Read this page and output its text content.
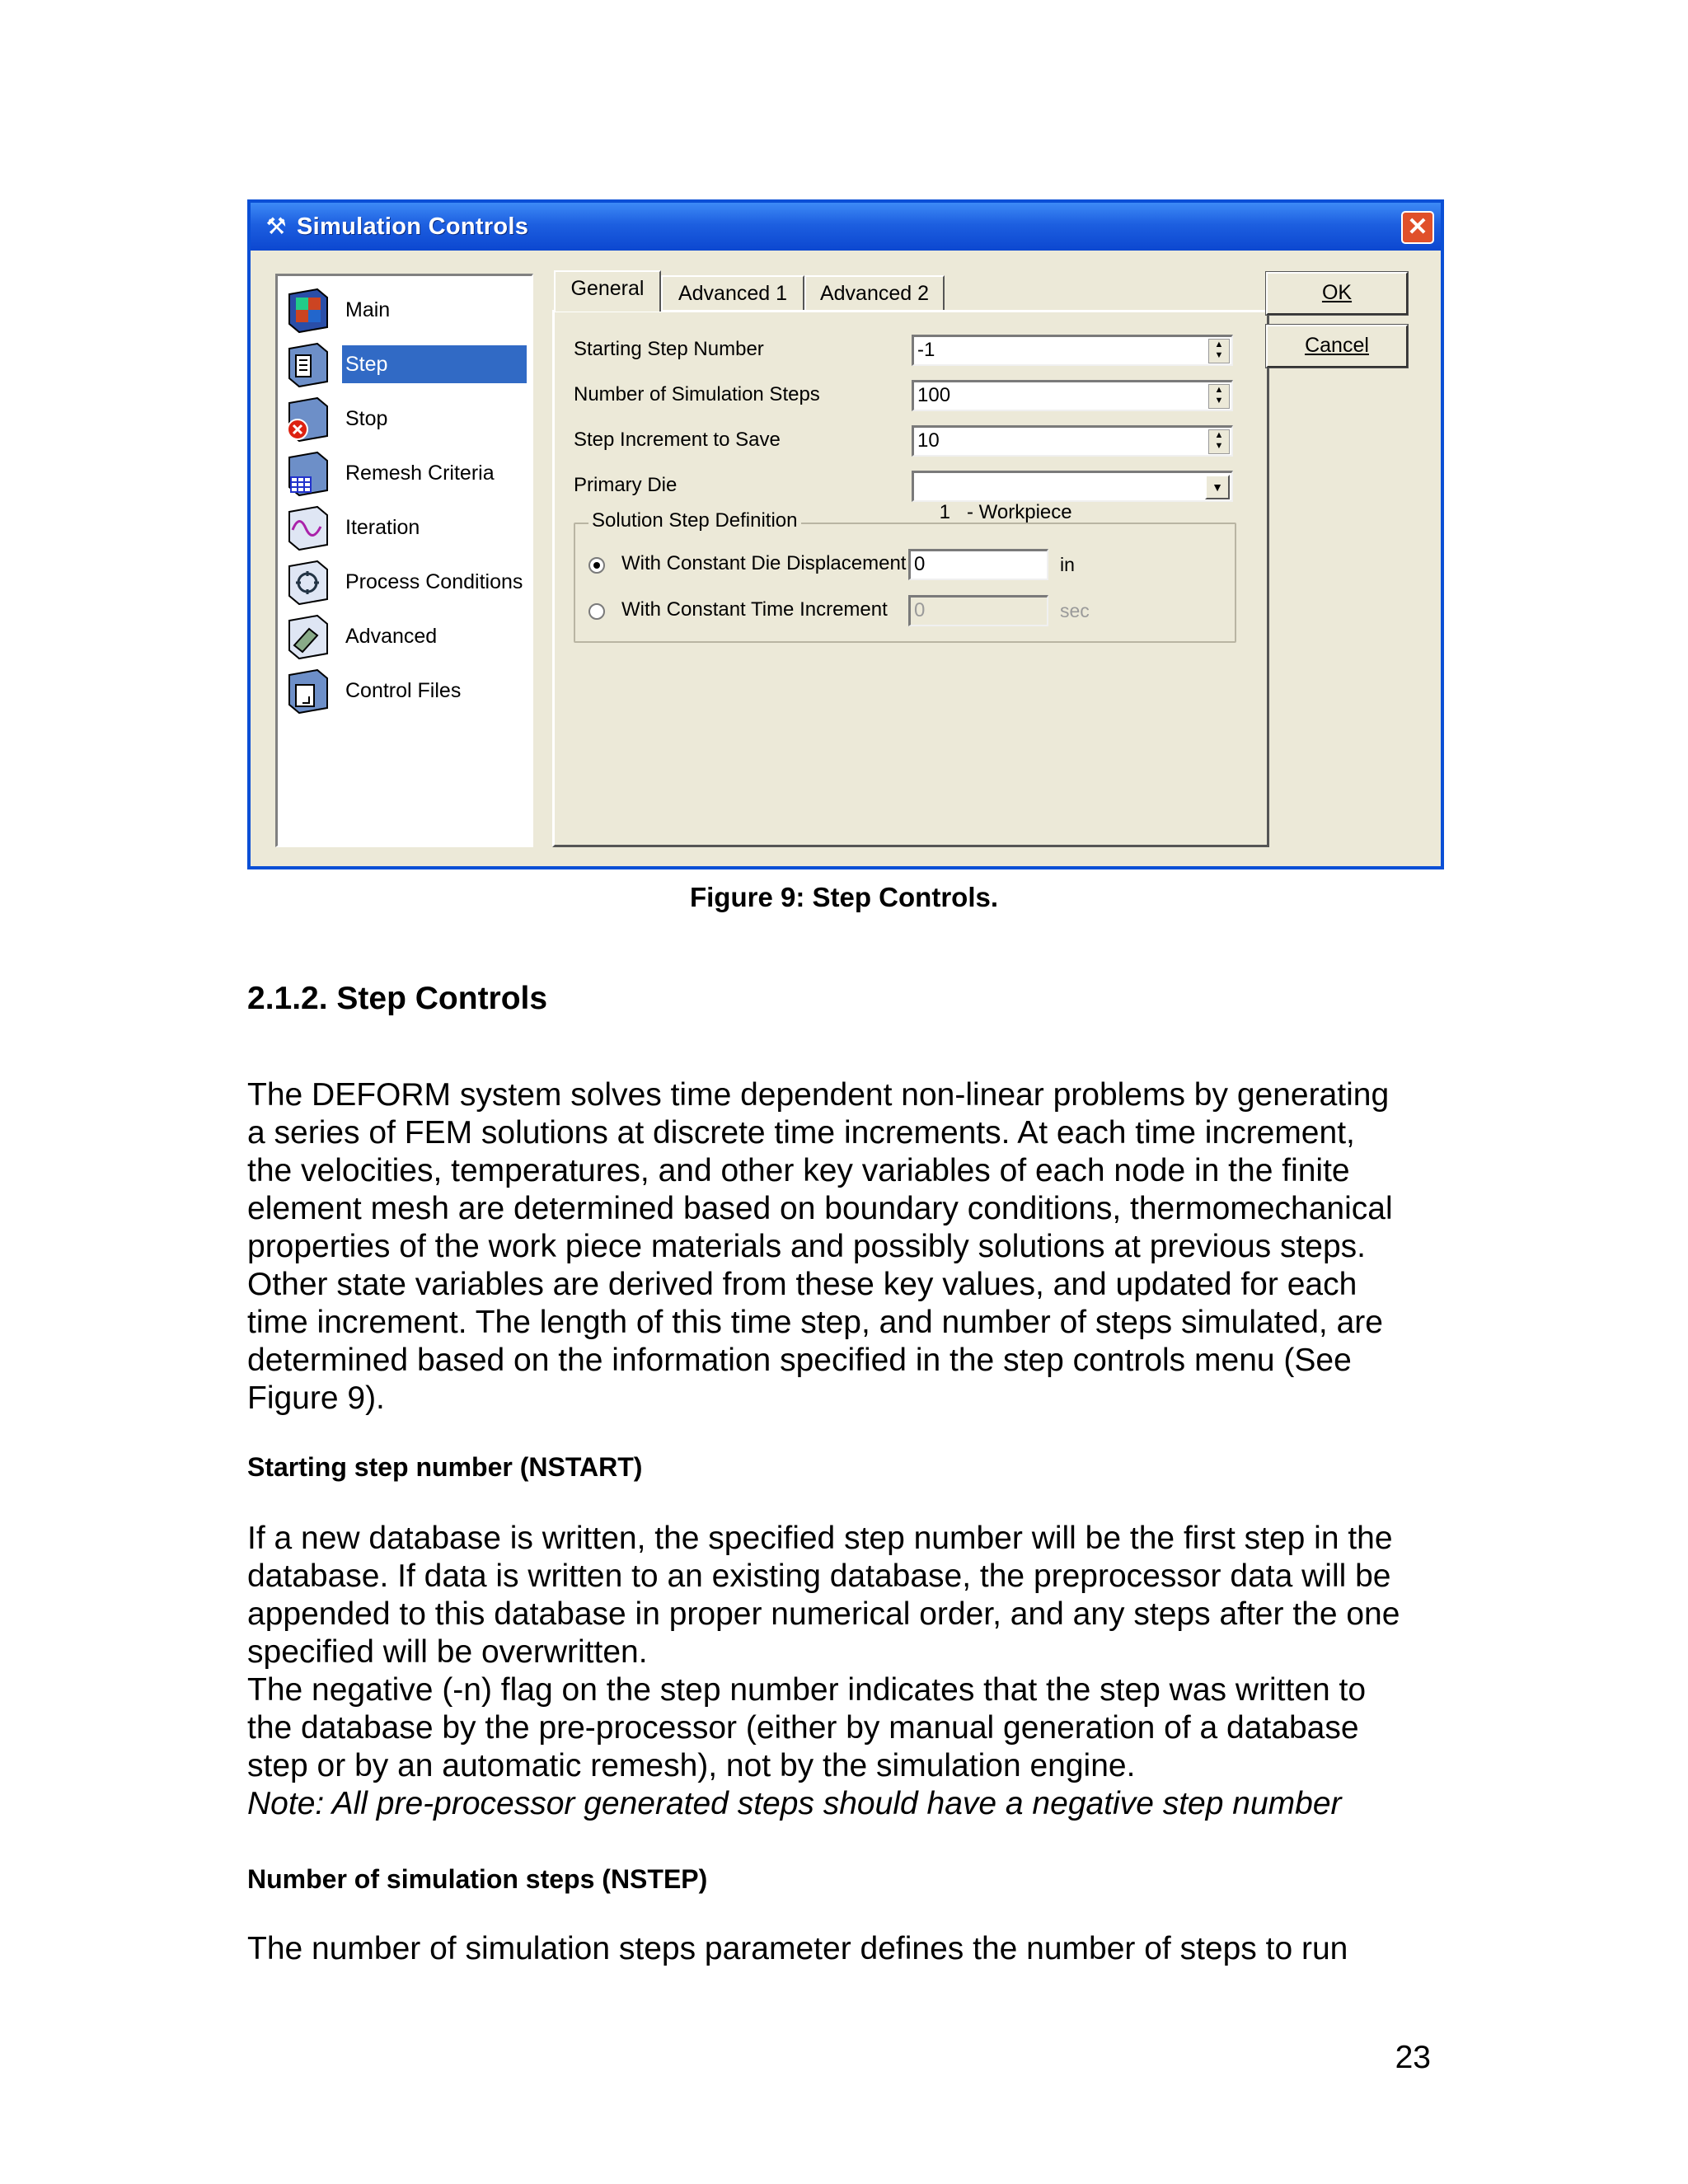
⚒ Simulation Controls	✕
Main
Step
Stop
Remesh Criteria
Iteration
Process Conditions
Advanced
Control Files
General	Advanced 1	Advanced 2
Starting Step Number	-1	▲
▼
Number of Simulation Steps	100	▲
▼
Step Increment to Save	10	▲
▼
Primary Die

1   - Workpiece

▼

Solution Step Definition
With Constant Die Displacement 0	in
With Constant Time Increment 0	sec
OK
Cancel
Figure 9: Step Controls.
2.1.2. Step Controls
The DEFORM system solves time dependent non-linear problems by generating
a series of FEM solutions at discrete time increments. At each time increment,
the velocities, temperatures, and other key variables of each node in the finite
element mesh are determined based on boundary conditions, thermomechanical
properties of the work piece materials and possibly solutions at previous steps.
Other state variables are derived from these key values, and updated for each
time increment. The length of this time step, and number of steps simulated, are
determined based on the information specified in the step controls menu (See
Figure 9).
Starting step number (NSTART)
If a new database is written, the specified step number will be the first step in the
database. If data is written to an existing database, the preprocessor data will be
appended to this database in proper numerical order, and any steps after the one
specified will be overwritten.
The negative (-n) flag on the step number indicates that the step was written to
the database by the pre-processor (either by manual generation of a database
step or by an automatic remesh), not by the simulation engine.
Note: All pre-processor generated steps should have a negative step number
Number of simulation steps (NSTEP)
The number of simulation steps parameter defines the number of steps to run
23
